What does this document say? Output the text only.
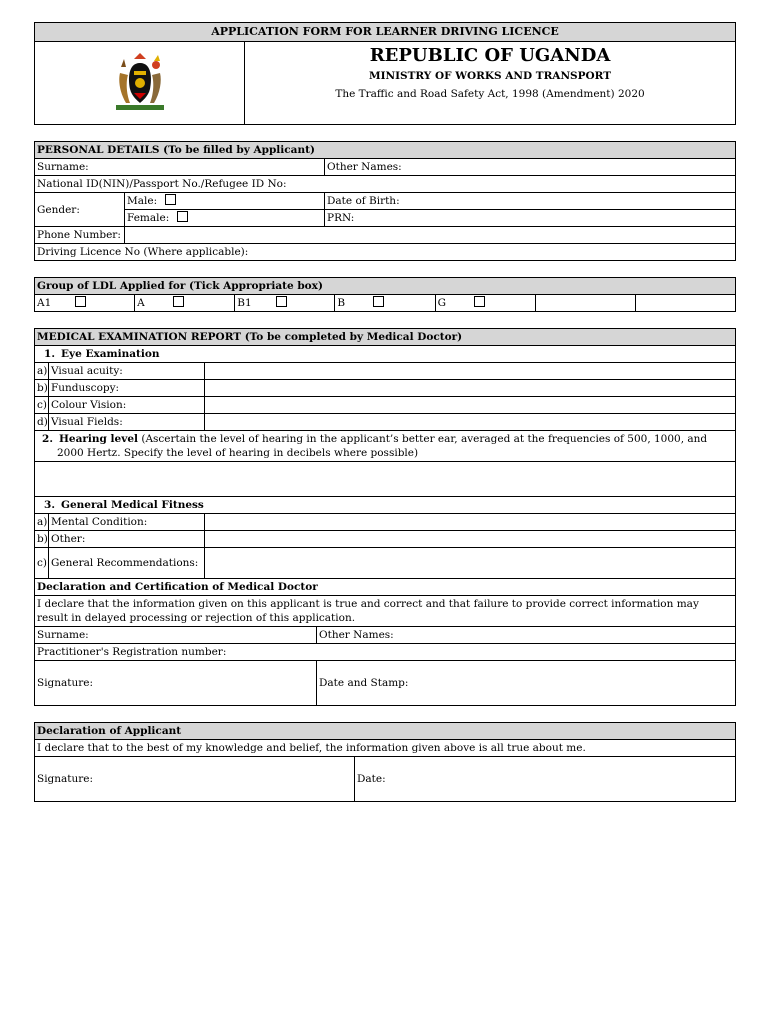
APPLICATION FORM FOR LEARNER DRIVING LICENCE

REPUBLIC OF UGANDA
MINISTRY OF WORKS AND TRANSPORT
The Traffic and Road Safety Act, 1998 (Amendment) 2020
PERSONAL DETAILS (To be filled by Applicant)		
Surname:		Other Names:
National ID(NIN)/Passport No./Refugee ID No:		
Gender:	Male:	Date of Birth:
	Female:	PRN:
Phone Number:		
Driving Licence No (Where applicable):		
Group of LDL Applied for (Tick Appropriate box)
A1	A	B1	B	G		
MEDICAL EXAMINATION REPORT (To be completed by Medical Doctor)		
1. Eye Examination		
a)	Visual acuity:	
b)	Funduscopy:	
c)	Colour Vision:	
d)	Visual Fields:	
2. Hearing level (Ascertain the level of hearing in the applicant’s better ear, averaged at the frequencies of 500, 1000, and 2000 Hertz. Specify the level of hearing in decibels where possible)		

3. General Medical Fitness		
a)	Mental Condition:	
b)	Other:	
c)	General Recommendations:	
Declaration and Certification of Medical Doctor	
I declare that the information given on this applicant is true and correct and that failure to provide correct information may result in delayed processing or rejection of this application.	
Surname:	Other Names:
Practitioner's Registration number:	
Signature:	Date and Stamp:
Declaration of Applicant
I declare that to the best of my knowledge and belief, the information given above is all true about me.
Signature:	Date:
